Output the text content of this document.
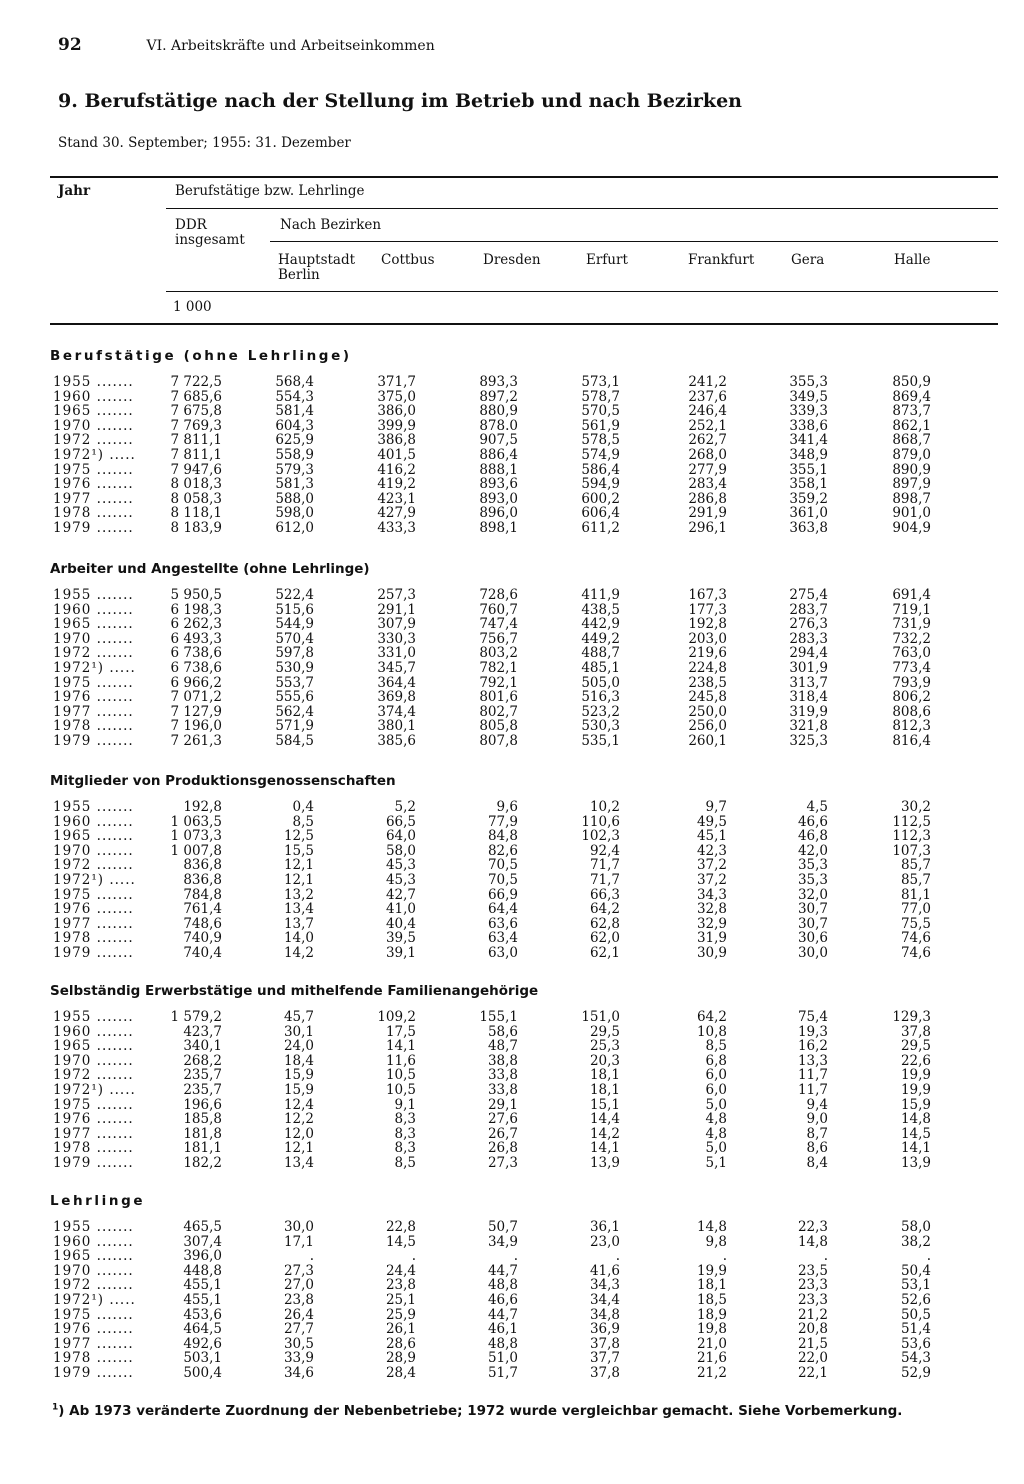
92	VI. Arbeitskräfte und Arbeitseinkommen
9. Berufstätige nach der Stellung im Betrieb und nach Bezirken
Stand 30. September; 1955: 31. Dezember
Jahr	Berufstätige bzw. Lehrlinge
DDR
insgesamt
Nach Bezirken
Hauptstadt
Berlin
Cottbus	Dresden	Erfurt	Frankfurt	Gera	Halle
1 000
Berufstätige (ohne Lehrlinge)
1955 .......	7 722,5	568,4	371,7	893,3	573,1	241,2	355,3	850,9
1960 .......	7 685,6	554,3	375,0	897,2	578,7	237,6	349,5	869,4
1965 .......	7 675,8	581,4	386,0	880,9	570,5	246,4	339,3	873,7
1970 .......	7 769,3	604,3	399,9	878.0	561,9	252,1	338,6	862,1
1972 .......	7 811,1	625,9	386,8	907,5	578,5	262,7	341,4	868,7
1972¹) .....	7 811,1	558,9	401,5	886,4	574,9	268,0	348,9	879,0
1975 .......	7 947,6	579,3	416,2	888,1	586,4	277,9	355,1	890,9
1976 .......	8 018,3	581,3	419,2	893,6	594,9	283,4	358,1	897,9
1977 .......	8 058,3	588,0	423,1	893,0	600,2	286,8	359,2	898,7
1978 .......	8 118,1	598,0	427,9	896,0	606,4	291,9	361,0	901,0
1979 .......	8 183,9	612,0	433,3	898,1	611,2	296,1	363,8	904,9
Arbeiter und Angestellte (ohne Lehrlinge)
1955 .......	5 950,5	522,4	257,3	728,6	411,9	167,3	275,4	691,4
1960 .......	6 198,3	515,6	291,1	760,7	438,5	177,3	283,7	719,1
1965 .......	6 262,3	544,9	307,9	747,4	442,9	192,8	276,3	731,9
1970 .......	6 493,3	570,4	330,3	756,7	449,2	203,0	283,3	732,2
1972 .......	6 738,6	597,8	331,0	803,2	488,7	219,6	294,4	763,0
1972¹) .....	6 738,6	530,9	345,7	782,1	485,1	224,8	301,9	773,4
1975 .......	6 966,2	553,7	364,4	792,1	505,0	238,5	313,7	793,9
1976 .......	7 071,2	555,6	369,8	801,6	516,3	245,8	318,4	806,2
1977 .......	7 127,9	562,4	374,4	802,7	523,2	250,0	319,9	808,6
1978 .......	7 196,0	571,9	380,1	805,8	530,3	256,0	321,8	812,3
1979 .......	7 261,3	584,5	385,6	807,8	535,1	260,1	325,3	816,4
Mitglieder von Produktionsgenossenschaften
1955 .......	192,8	0,4	5,2	9,6	10,2	9,7	4,5	30,2
1960 .......	1 063,5	8,5	66,5	77,9	110,6	49,5	46,6	112,5
1965 .......	1 073,3	12,5	64,0	84,8	102,3	45,1	46,8	112,3
1970 .......	1 007,8	15,5	58,0	82,6	92,4	42,3	42,0	107,3
1972 .......	836,8	12,1	45,3	70,5	71,7	37,2	35,3	85,7
1972¹) .....	836,8	12,1	45,3	70,5	71,7	37,2	35,3	85,7
1975 .......	784,8	13,2	42,7	66,9	66,3	34,3	32,0	81,1
1976 .......	761,4	13,4	41,0	64,4	64,2	32,8	30,7	77,0
1977 .......	748,6	13,7	40,4	63,6	62,8	32,9	30,7	75,5
1978 .......	740,9	14,0	39,5	63,4	62,0	31,9	30,6	74,6
1979 .......	740,4	14,2	39,1	63,0	62,1	30,9	30,0	74,6
Selbständig Erwerbstätige und mithelfende Familienangehörige
1955 .......	1 579,2	45,7	109,2	155,1	151,0	64,2	75,4	129,3
1960 .......	423,7	30,1	17,5	58,6	29,5	10,8	19,3	37,8
1965 .......	340,1	24,0	14,1	48,7	25,3	8,5	16,2	29,5
1970 .......	268,2	18,4	11,6	38,8	20,3	6,8	13,3	22,6
1972 .......	235,7	15,9	10,5	33,8	18,1	6,0	11,7	19,9
1972¹) .....	235,7	15,9	10,5	33,8	18,1	6,0	11,7	19,9
1975 .......	196,6	12,4	9,1	29,1	15,1	5,0	9,4	15,9
1976 .......	185,8	12,2	8,3	27,6	14,4	4,8	9,0	14,8
1977 .......	181,8	12,0	8,3	26,7	14,2	4,8	8,7	14,5
1978 .......	181,1	12,1	8,3	26,8	14,1	5,0	8,6	14,1
1979 .......	182,2	13,4	8,5	27,3	13,9	5,1	8,4	13,9
Lehrlinge
1955 .......	465,5	30,0	22,8	50,7	36,1	14,8	22,3	58,0
1960 .......	307,4	17,1	14,5	34,9	23,0	9,8	14,8	38,2
1965 .......	396,0	.	.	.	.	.	.	.
1970 .......	448,8	27,3	24,4	44,7	41,6	19,9	23,5	50,4
1972 .......	455,1	27,0	23,8	48,8	34,3	18,1	23,3	53,1
1972¹) .....	455,1	23,8	25,1	46,6	34,4	18,5	23,3	52,6
1975 .......	453,6	26,4	25,9	44,7	34,8	18,9	21,2	50,5
1976 .......	464,5	27,7	26,1	46,1	36,9	19,8	20,8	51,4
1977 .......	492,6	30,5	28,6	48,8	37,8	21,0	21,5	53,6
1978 .......	503,1	33,9	28,9	51,0	37,7	21,6	22,0	54,3
1979 .......	500,4	34,6	28,4	51,7	37,8	21,2	22,1	52,9
$^1$) Ab 1973 veränderte Zuordnung der Nebenbetriebe; 1972 wurde vergleichbar gemacht. Siehe Vorbemerkung.
